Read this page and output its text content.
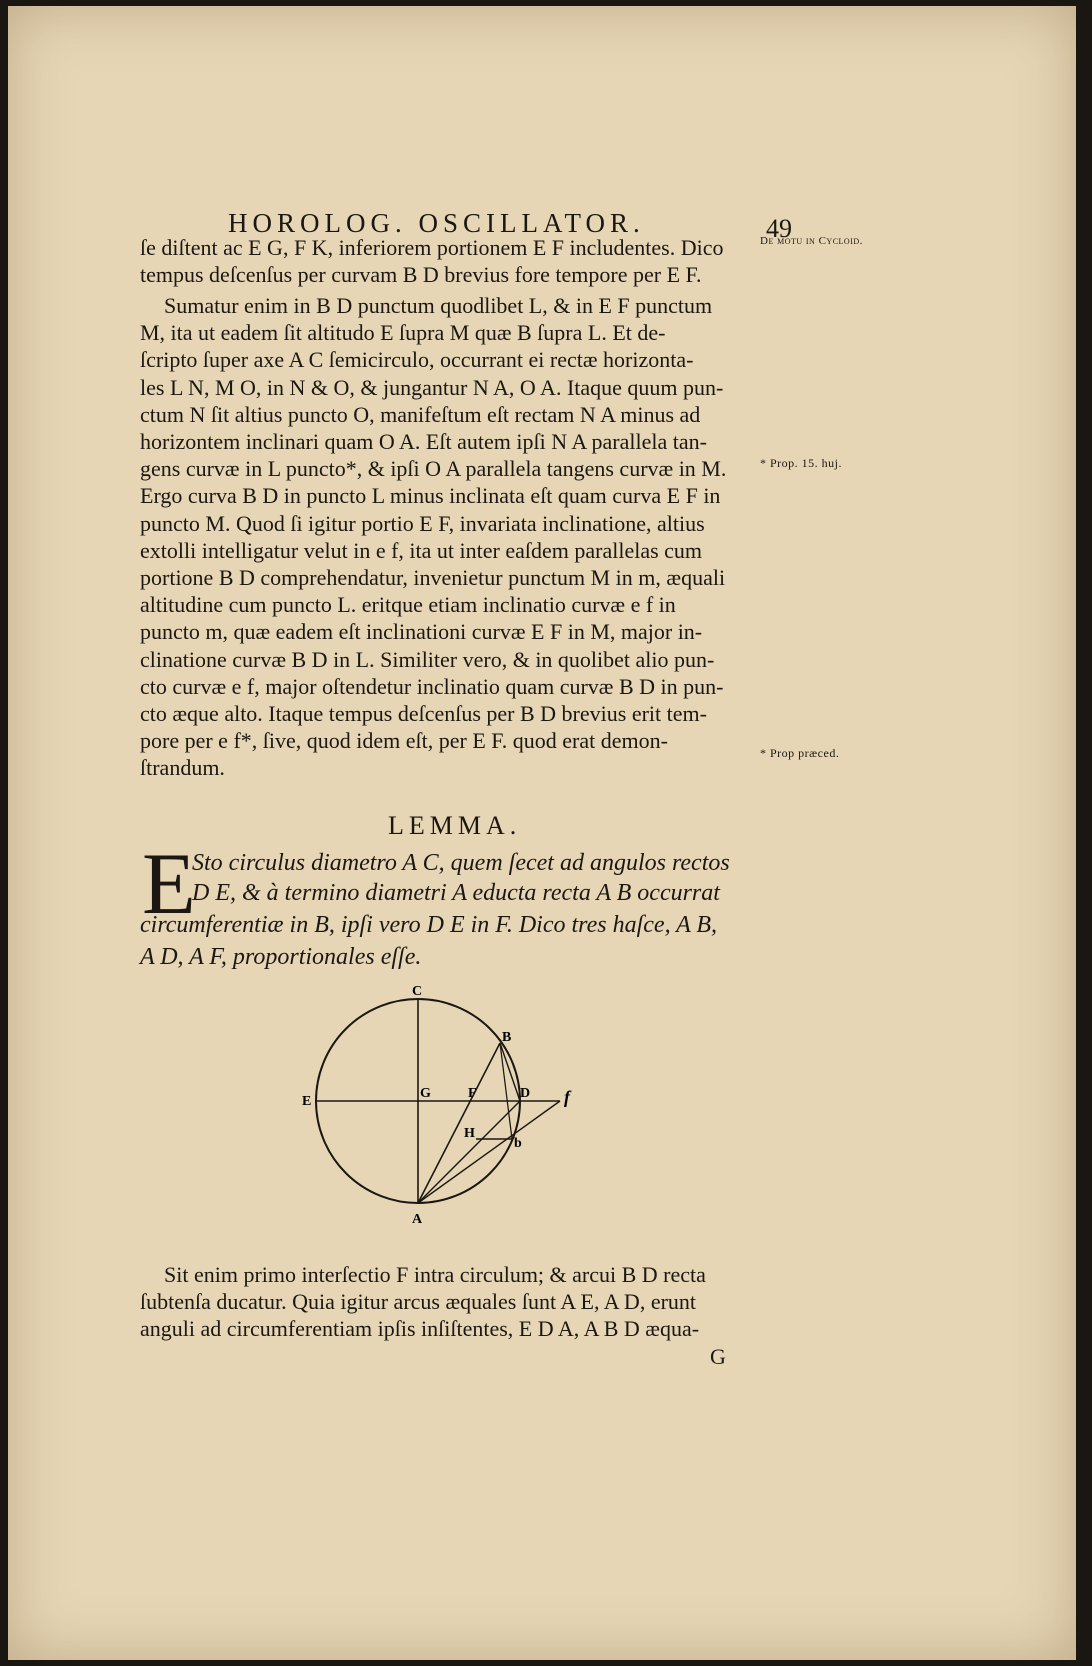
HOROLOG. OSCILLATOR.	49
De motu in Cycloid.
* Prop. 15. huj.
* Prop præced.
ſe diſtent ac E G, F K, inferiorem portionem E F includentes. Dico
tempus deſcenſus per curvam B D brevius fore tempore per E F.
Sumatur enim in B D punctum quodlibet L, & in E F punctum
M, ita ut eadem ſit altitudo E ſupra M quæ B ſupra L. Et de-
ſcripto ſuper axe A C ſemicirculo, occurrant ei rectæ horizonta-
les L N, M O, in N & O, & jungantur N A, O A. Itaque quum pun-
ctum N ſit altius puncto O, manifeſtum eſt rectam N A minus ad
horizontem inclinari quam O A. Eſt autem ipſi N A parallela tan-
gens curvæ in L puncto*, & ipſi O A parallela tangens curvæ in M.
Ergo curva B D in puncto L minus inclinata eſt quam curva E F in
puncto M. Quod ſi igitur portio E F, invariata inclinatione, altius
extolli intelligatur velut in e f, ita ut inter eaſdem parallelas cum
portione B D comprehendatur, invenietur punctum M in m, æquali
altitudine cum puncto L. eritque etiam inclinatio curvæ e f in
puncto m, quæ eadem eſt inclinationi curvæ E F in M, major in-
clinatione curvæ B D in L. Similiter vero, & in quolibet alio pun-
cto curvæ e f, major oſtendetur inclinatio quam curvæ B D in pun-
cto æque alto. Itaque tempus deſcenſus per B D brevius erit tem-
pore per e f*, ſive, quod idem eſt, per E F. quod erat demon-
ſtrandum.
LEMMA.
E
Sto circulus diametro A C, quem ſecet ad angulos rectos
D E, & à termino diametri A educta recta A B occurrat
circumferentiæ in B, ipſi vero D E in F. Dico tres haſce, A B,
A D, A F, proportionales eſſe.
C
B
E
G	F	D f
H
b
A
Sit enim primo interſectio F intra circulum; & arcui B D recta
ſubtenſa ducatur. Quia igitur arcus æquales ſunt A E, A D, erunt
anguli ad circumferentiam ipſis inſiſtentes, E D A, A B D æqua-
G
